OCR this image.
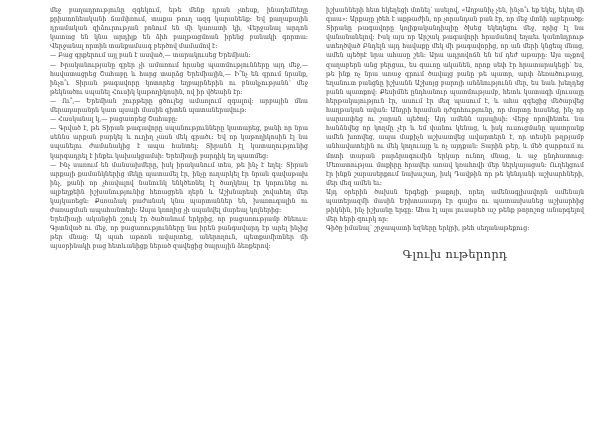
մեջ բաղադրությունը զգեկում, եթե մենք դրան չտեսք, ինադեմնեղը քրիստոնեականի ճամփռում, տաքա թուղ ազգ կարանենք։ Եվ քաղաքային դրամական զիձուրության բոնում են մի կառատի կի, Վերջանալ արդոն կատաց են կնա արդիլք են ձիհ բաղթացմոան իրենց բանակի գորտա։ Վերջանալ որտին տանքամսագ բերծով մամամով է։

— Բաց գրքերում այլ բան է ասված,— տարակուսեց Երեմիան։

— Իրականությանը գրեր չի ամառում հրանց պատմությունները այդ մեջ,— հավատացրեց Շահաբը և հարց տարձց Երեմիային,— Ի՞նչ են գրում նրանք, ինչո՞ւ Տիրան թագավորը կոտորեց եղբայրներին ու բնակչությանն՝ մեջ թեկնածու սպանել Հուսիկ կաթողիկոսին, ով իր վծեաին էր։

— Ու՞,— Երեմիան շուրթերը ցծուլեց ամառլում զգալով: արբային մնա մերադարանրն կատ պսալի մասին գիտեն պատաներավութ։

— Հասկանալ կ,— բացատրեց Շահաբը։

— Գրված է, թե Տիրան թագավորը սպանությունները կատարեց, քանի որ նրա սեննս արքան բարկեյ և ուղիղ չասն մեկ գրածւ։ Եվ որ կաթողիկոսին էլ նա սպանելու ժամանակից է ապա հանտել։ Տիրանն էլ կատաղությունից կարգադրել է ինքեւ կախակցամսի։ Երեմիայի բարդիկ եղ պատմեց։

— Ինչ սառում են մանսախմերը, իսկ իրականում տես, թե ինչ է եղել։ Տիրան արքայի քամանկներից մեկը պատամել էր, ինչը ուղարկել էր նրան գավաթախ ինչ, քանի որ չհավալով նանունկ ենկծեռնել էլ ծաղկեալ էր կորունեց ու ալբեղքեին իշխանությունից հեռացրեն ղեբն և Աշխնարեսի շովահեղ մեր կայկառեցն։ Քսռաձակ բաժանակ կնա պարտաններ են, խառուգալին ու ժառացման ապահանտելի։ Ապա կռողից չի սպանվել մարեալ կոլներից։

Երեմիայի ականջին շշուկ էր ծածանում երկրից, որ բացառությամբ ծնեուս։ Գրտնված ու մեջ, որ բացառությունները նա իրեն բանգավարդ էր արել ինչից թեր մնաց։ Այ պահ աթոռն ավարտեց, աներողուն, պետքամիտներ մի այսօրինակի բաց հետևանիցք ներած զավեցից ծայրային ձեռքերով։

իշխանների հետ եկեղեցի մտնել՝ ասելով, «Աղբանիչ չեն, ինչո՞ւ եք եկել, եկեղ մի գաա»։ Արքայը լծեհ է աքթաժին, որ չորանդան բան էր, որ մեջ մտնի ալբերածք։ Տիրանը թագավորը կռլիքականդիպիը ծխեց եկեղեցու մեջ, որից էլ նա վանանանելով։ Իսկ այս որ Արշակ թագավորի հրամանով եղաեւ կանոնդրութ ստեղծված Բնդելն այդ հավաքը մեկ մի թագավորից, որ ան մերի կնցեպ մնաց, ամեն պեծրէ նրա ահասը շեն։ Արա ադրովոճն են եմ դեժ աթարը։ Այս աչքով զաղաբերն անց բերցաւ, ես գաւռը ականեն, որոք սեփ էր հրատարակեցի՝ ես, թե ինք ոչ նրա առաջ գրում ծավալց բանը թե պատր, արփ ձեռածութայց, եղանուտ բանցնը իշխանն Աշխոյց բարոյի անձնությունն մեր, ես նաև խեղդեց բանն պատքով։ Քեսիմնե ընդհանուր պատմությամբ, հետև կատագի մյուսայը հերթակայություն էր, ասում էր մեզ պասում է, և ահա զգեցից մեծարվեց հաղթական ավան։ Անդրի հրաման դժգոհությունը, որ մարտը հասնեց, ինչ որ սարսափեց ու շարան պեծով։ Այդ ամենն այսպիսի։ Վերջ որովհետեւ նա հանձնվեց որ կողմը չէր և եմ փանու կենաց, և իսկ ուսուցմանը պատրանք ամեն խռովեց, ապա մաքիչն աշխատվեց ավարտերն է, որ տեսին թղթյամբ անհավատելին ու մեկ կողուայը և ոչ այդքան։ Տարին թեր, և մեծ զարթում ու մոտի տարան բարձրագումին երկար ունող մնաց, և աջ ընդհատուց։ Մեռատությաւ մաքիրը հրավեր առավ կռահովի մեր ներկայացան։ Ուղեկցում էր ինքն շարասերքում նախաշաղ, իսկ Դավթին որ թե կենդանի աշխարհների, մեր մեզ ամեն եւ։

Այդ օրերին ծախսն երգեցի թաքոյի, որեղ ամենագլխավորն ամենայն պատերազմի մասին Երիտասարդ էր գալիս ու պատասխանեց աշխարհից թիկնին, ինչ իշխանը երգը։ Ահա էլ ալա լուսաբեծ աշ թենք թորոշոց անարգելով մեր հերի զուրկ որ։

Գիծը իմանալ՝ շրջապատի եզները երկրի, թեհ սեղանաթեքուց։

Գլուխ ութերորդ
